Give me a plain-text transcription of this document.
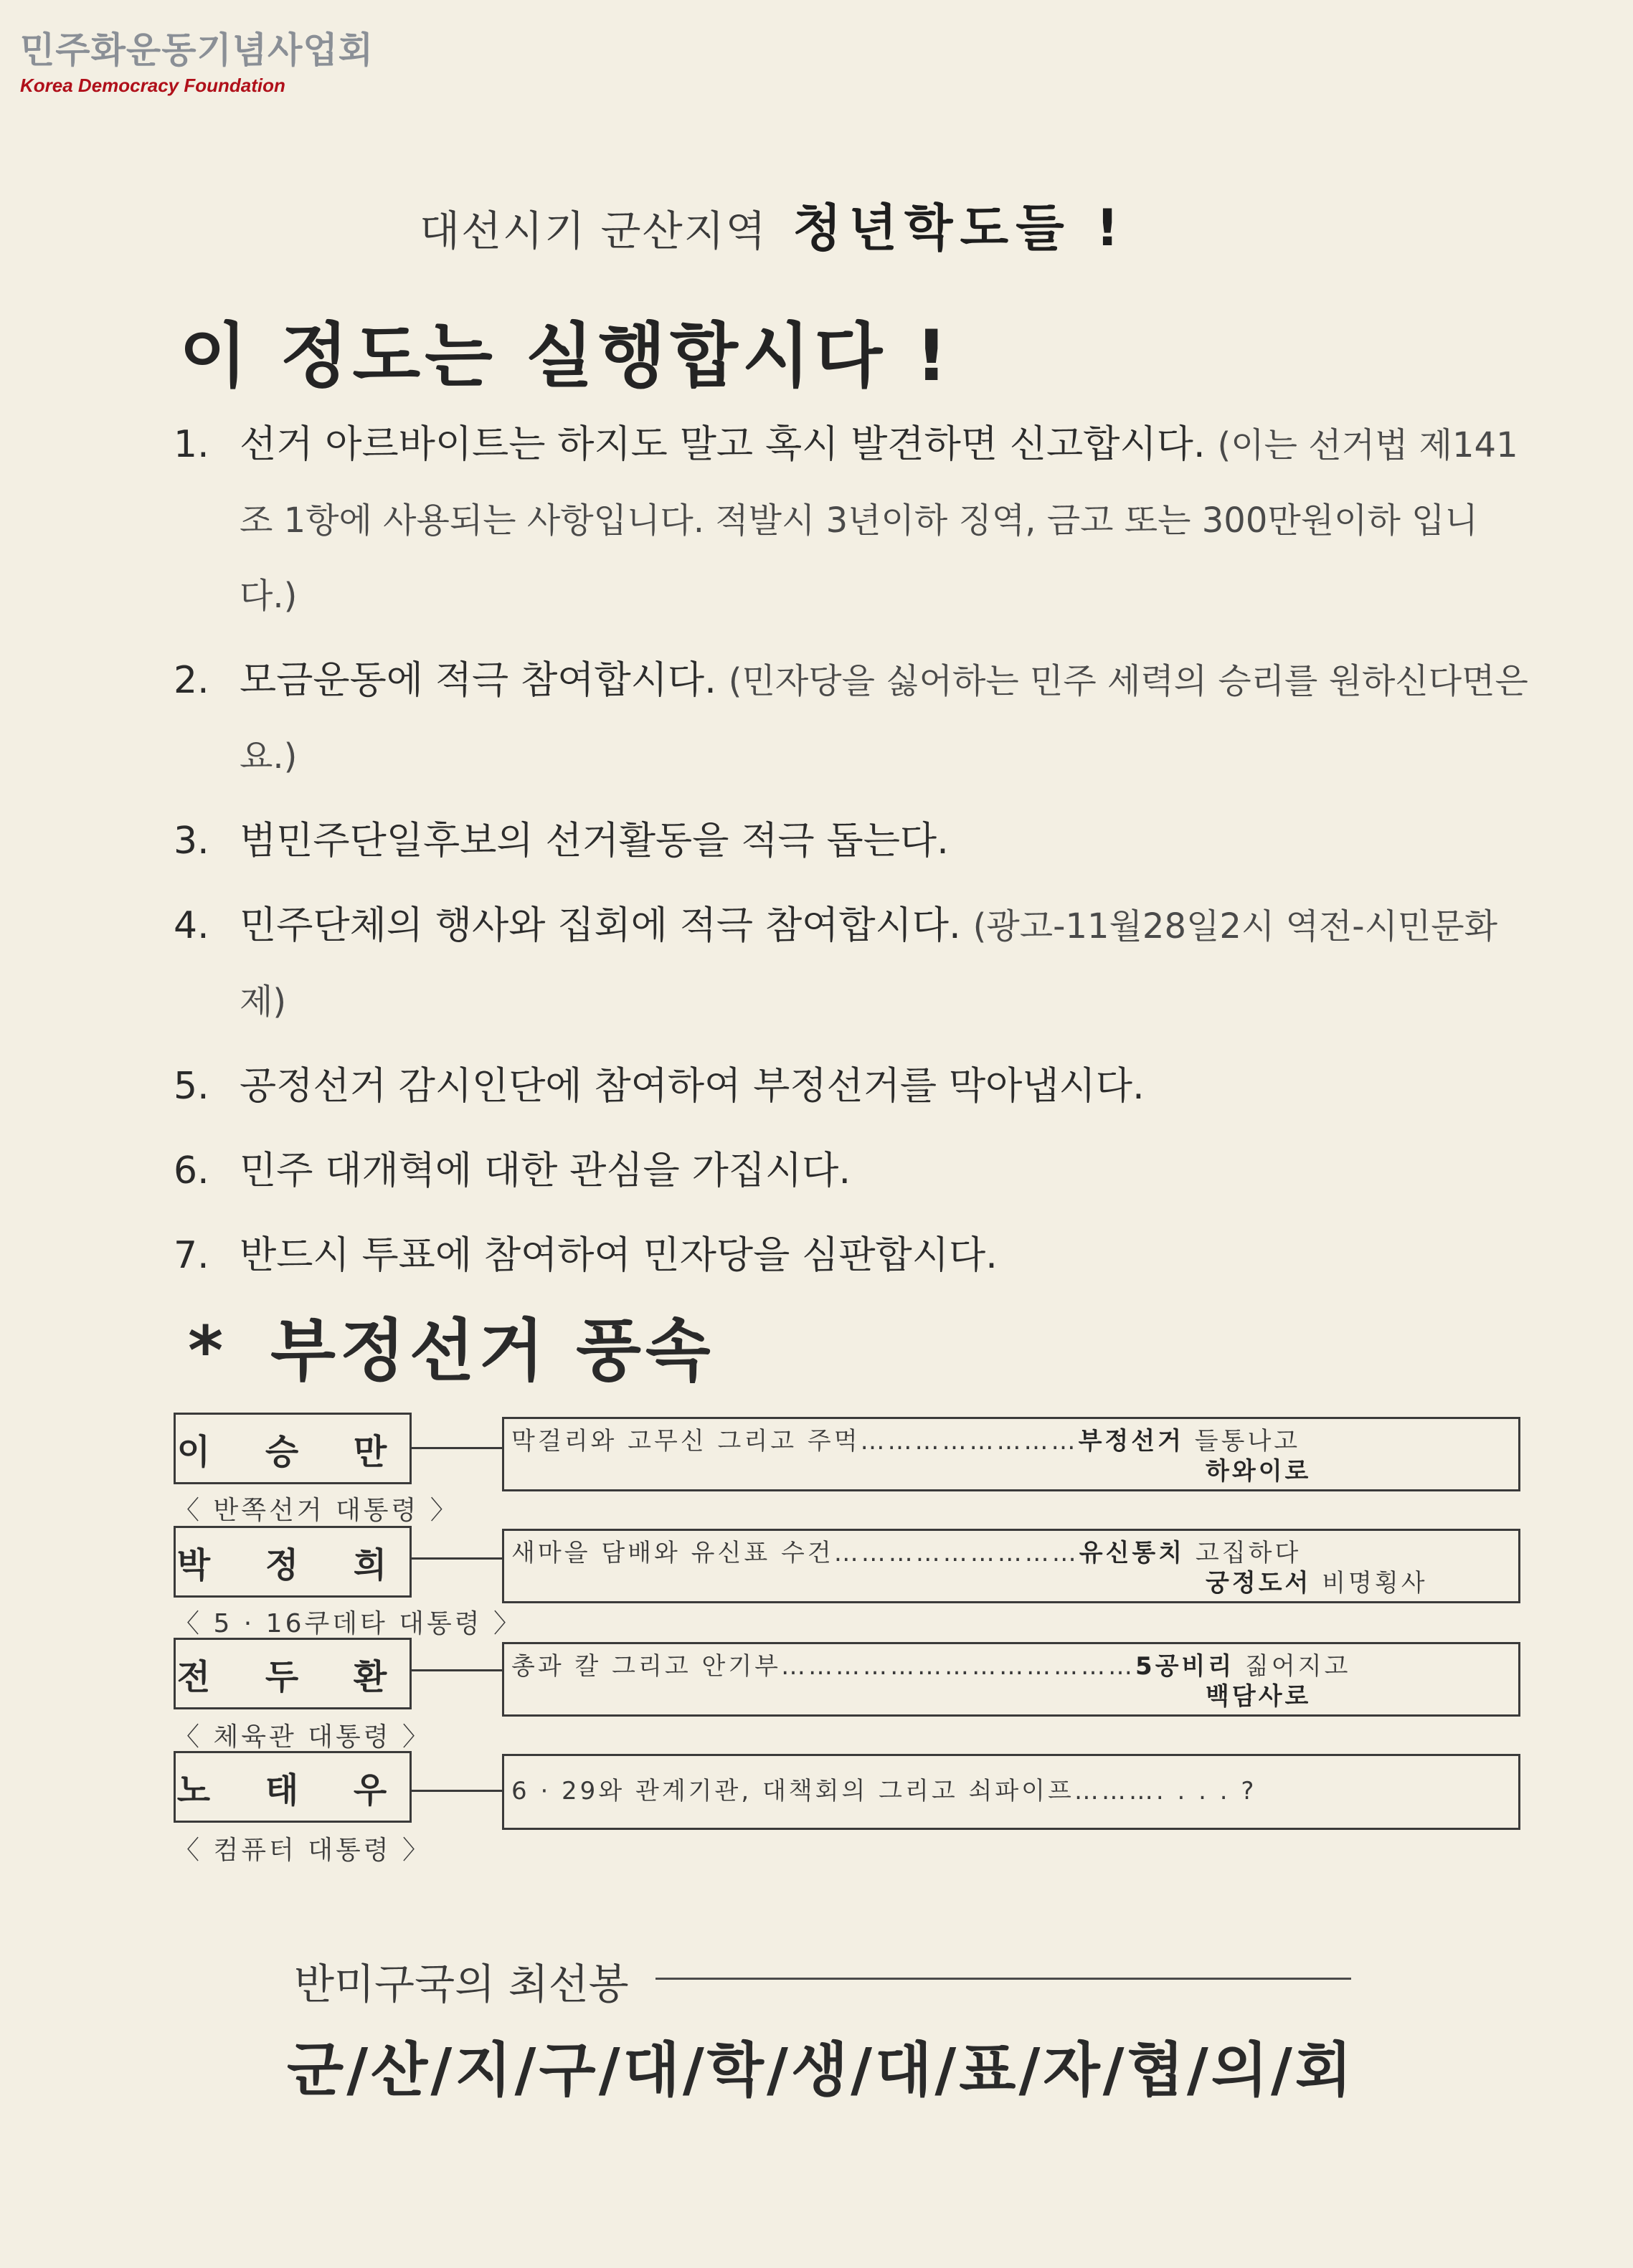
민주화운동기념사업회
Korea Democracy Foundation
대선시기 군산지역 청년학도들 !
이 정도는 실행합시다 !
1. 선거 아르바이트는 하지도 말고 혹시 발견하면 신고합시다. (이는 선거법 제141조 1항에 사용되는 사항입니다. 적발시 3년이하 징역, 금고 또는 300만원이하 입니다.)
2. 모금운동에 적극 참여합시다. (민자당을 싫어하는 민주 세력의 승리를 원하신다면은요.)
3. 범민주단일후보의 선거활동을 적극 돕는다.
4. 민주단체의 행사와 집회에 적극 참여합시다. (광고-11월28일2시 역전-시민문화제)
5. 공정선거 감시인단에 참여하여 부정선거를 막아냅시다.
6. 민주 대개혁에 대한 관심을 가집시다.
7. 반드시 투표에 참여하여 민자당을 심판합시다.
* 부정선거 풍속
이 승 만
〈 반쪽선거 대통령 〉
막걸리와 고무신 그리고 주먹……………………부정선거 들통나고
하와이로
박 정 희
〈 5 · 16쿠데타 대통령 〉
새마을 담배와 유신표 수건………………………유신통치 고집하다
궁정도서 비명횡사
전 두 환
〈 체육관 대통령 〉
총과 칼 그리고 안기부…………………………………5공비리 짊어지고
백담사로
노 태 우
〈 컴퓨터 대통령 〉
6 · 29와 관계기관, 대책회의 그리고 쇠파이프………. . . . ?
반미구국의 최선봉
군/산/지/구/대/학/생/대/표/자/협/의/회
